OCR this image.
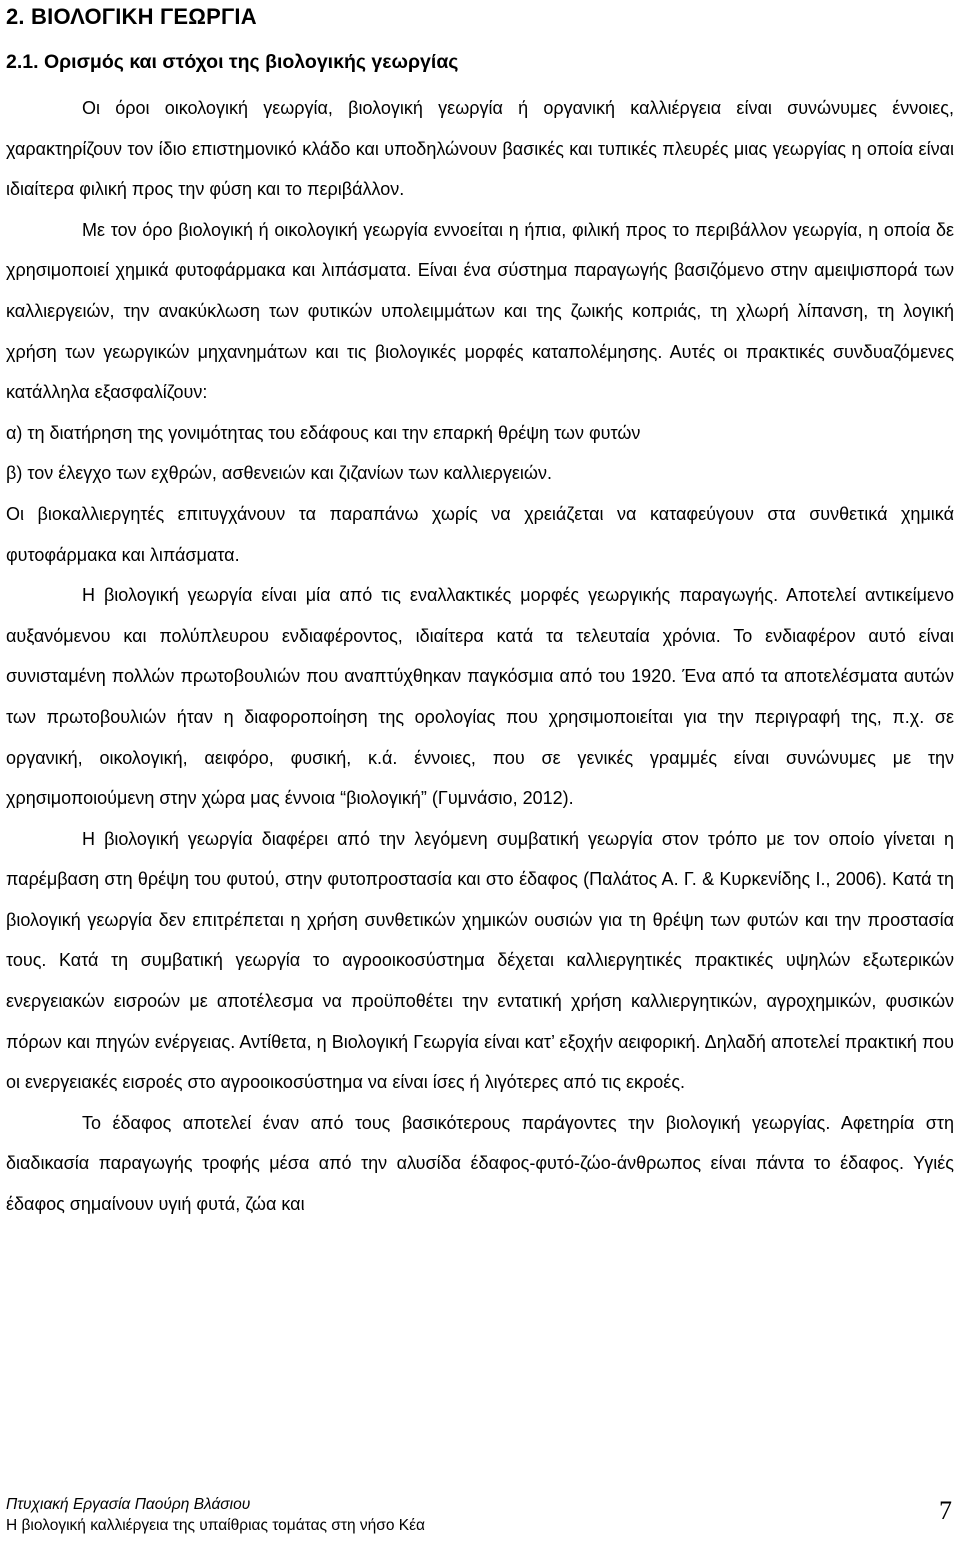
2. ΒΙΟΛΟΓΙΚΗ ΓΕΩΡΓΙΑ
2.1. Ορισμός και στόχοι της βιολογικής γεωργίας

Οι όροι οικολογική γεωργία, βιολογική γεωργία ή οργανική καλλιέργεια είναι συνώνυμες έννοιες, χαρακτηρίζουν τον ίδιο επιστημονικό κλάδο και υποδηλώνουν βασικές και τυπικές πλευρές μιας γεωργίας η οποία είναι ιδιαίτερα φιλική προς την φύση και το περιβάλλον.

Με τον όρο βιολογική ή οικολογική γεωργία εννοείται η ήπια, φιλική προς το περιβάλλον γεωργία, η οποία δε χρησιμοποιεί χημικά φυτοφάρμακα και λιπάσματα. Είναι ένα σύστημα παραγωγής βασιζόμενο στην αμειψισπορά των καλλιεργειών, την ανακύκλωση των φυτικών υπολειμμάτων και της ζωικής κοπριάς, τη χλωρή λίπανση, τη λογική χρήση των γεωργικών μηχανημάτων και τις βιολογικές μορφές καταπολέμησης. Αυτές οι πρακτικές συνδυαζόμενες κατάλληλα εξασφαλίζουν:

α) τη διατήρηση της γονιμότητας του εδάφους και την επαρκή θρέψη των φυτών

β) τον έλεγχο των εχθρών, ασθενειών και ζιζανίων των καλλιεργειών.

Οι βιοκαλλιεργητές επιτυγχάνουν τα παραπάνω χωρίς να χρειάζεται να καταφεύγουν στα συνθετικά χημικά φυτοφάρμακα και λιπάσματα.

Η βιολογική γεωργία είναι μία από τις εναλλακτικές μορφές γεωργικής παραγωγής. Αποτελεί αντικείμενο αυξανόμενου και πολύπλευρου ενδιαφέροντος, ιδιαίτερα κατά τα τελευταία χρόνια. Το ενδιαφέρον αυτό είναι συνισταμένη πολλών πρωτοβουλιών που αναπτύχθηκαν παγκόσμια από του 1920. Ένα από τα αποτελέσματα αυτών των πρωτοβουλιών ήταν η διαφοροποίηση της ορολογίας που χρησιμοποιείται για την περιγραφή της, π.χ. σε οργανική, οικολογική, αειφόρο, φυσική, κ.ά. έννοιες, που σε γενικές γραμμές είναι συνώνυμες με την χρησιμοποιούμενη στην χώρα μας έννοια “βιολογική” (Γυμνάσιο, 2012).

Η βιολογική γεωργία διαφέρει από την λεγόμενη συμβατική γεωργία στον τρόπο με τον οποίο γίνεται η παρέμβαση στη θρέψη του φυτού, στην φυτοπροστασία και στο έδαφος (Παλάτος Α. Γ. & Κυρκενίδης Ι., 2006). Κατά τη βιολογική γεωργία δεν επιτρέπεται η χρήση συνθετικών χημικών ουσιών για τη θρέψη των φυτών και την προστασία τους. Κατά τη συμβατική γεωργία το αγροοικοσύστημα δέχεται καλλιεργητικές πρακτικές υψηλών εξωτερικών ενεργειακών εισροών με αποτέλεσμα να προϋποθέτει την εντατική χρήση καλλιεργητικών, αγροχημικών, φυσικών πόρων και πηγών ενέργειας. Αντίθετα, η Βιολογική Γεωργία είναι κατ’ εξοχήν αειφορική. Δηλαδή αποτελεί πρακτική που οι ενεργειακές εισροές στο αγροοικοσύστημα να είναι ίσες ή λιγότερες από τις εκροές.

Το έδαφος αποτελεί έναν από τους βασικότερους παράγοντες την βιολογική γεωργίας. Αφετηρία στη διαδικασία παραγωγής τροφής μέσα από την αλυσίδα έδαφος-φυτό-ζώο-άνθρωπος είναι πάντα το έδαφος. Υγιές έδαφος σημαίνουν υγιή φυτά, ζώα και

Πτυχιακή Εργασία Παούρη Βλάσιου
Η βιολογική καλλιέργεια της υπαίθριας τομάτας στη νήσο Κέα
7
